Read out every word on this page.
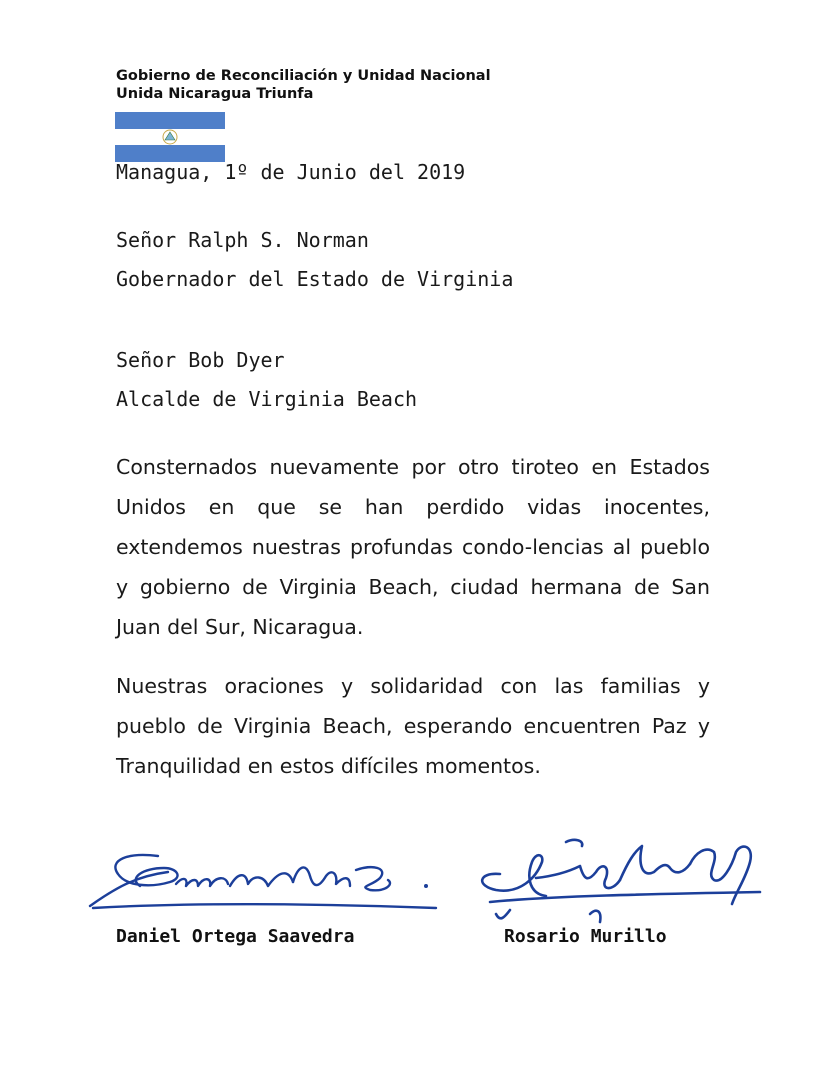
Gobierno de Reconciliación y Unidad Nacional
Unida Nicaragua Triunfa
Managua, 1º de Junio del 2019
Señor Ralph S. Norman
Gobernador del Estado de Virginia
Señor Bob Dyer
Alcalde de Virginia Beach
Consternados nuevamente por otro tiroteo en Estados Unidos en que se han perdido vidas inocentes, extendemos nuestras profundas condo-lencias al pueblo y gobierno de Virginia Beach, ciudad hermana de San Juan del Sur, Nicaragua.
Nuestras oraciones y solidaridad con las familias y pueblo de Virginia Beach, esperando encuentren Paz y Tranquilidad en estos difíciles momentos.
Daniel Ortega Saavedra	Rosario Murillo
